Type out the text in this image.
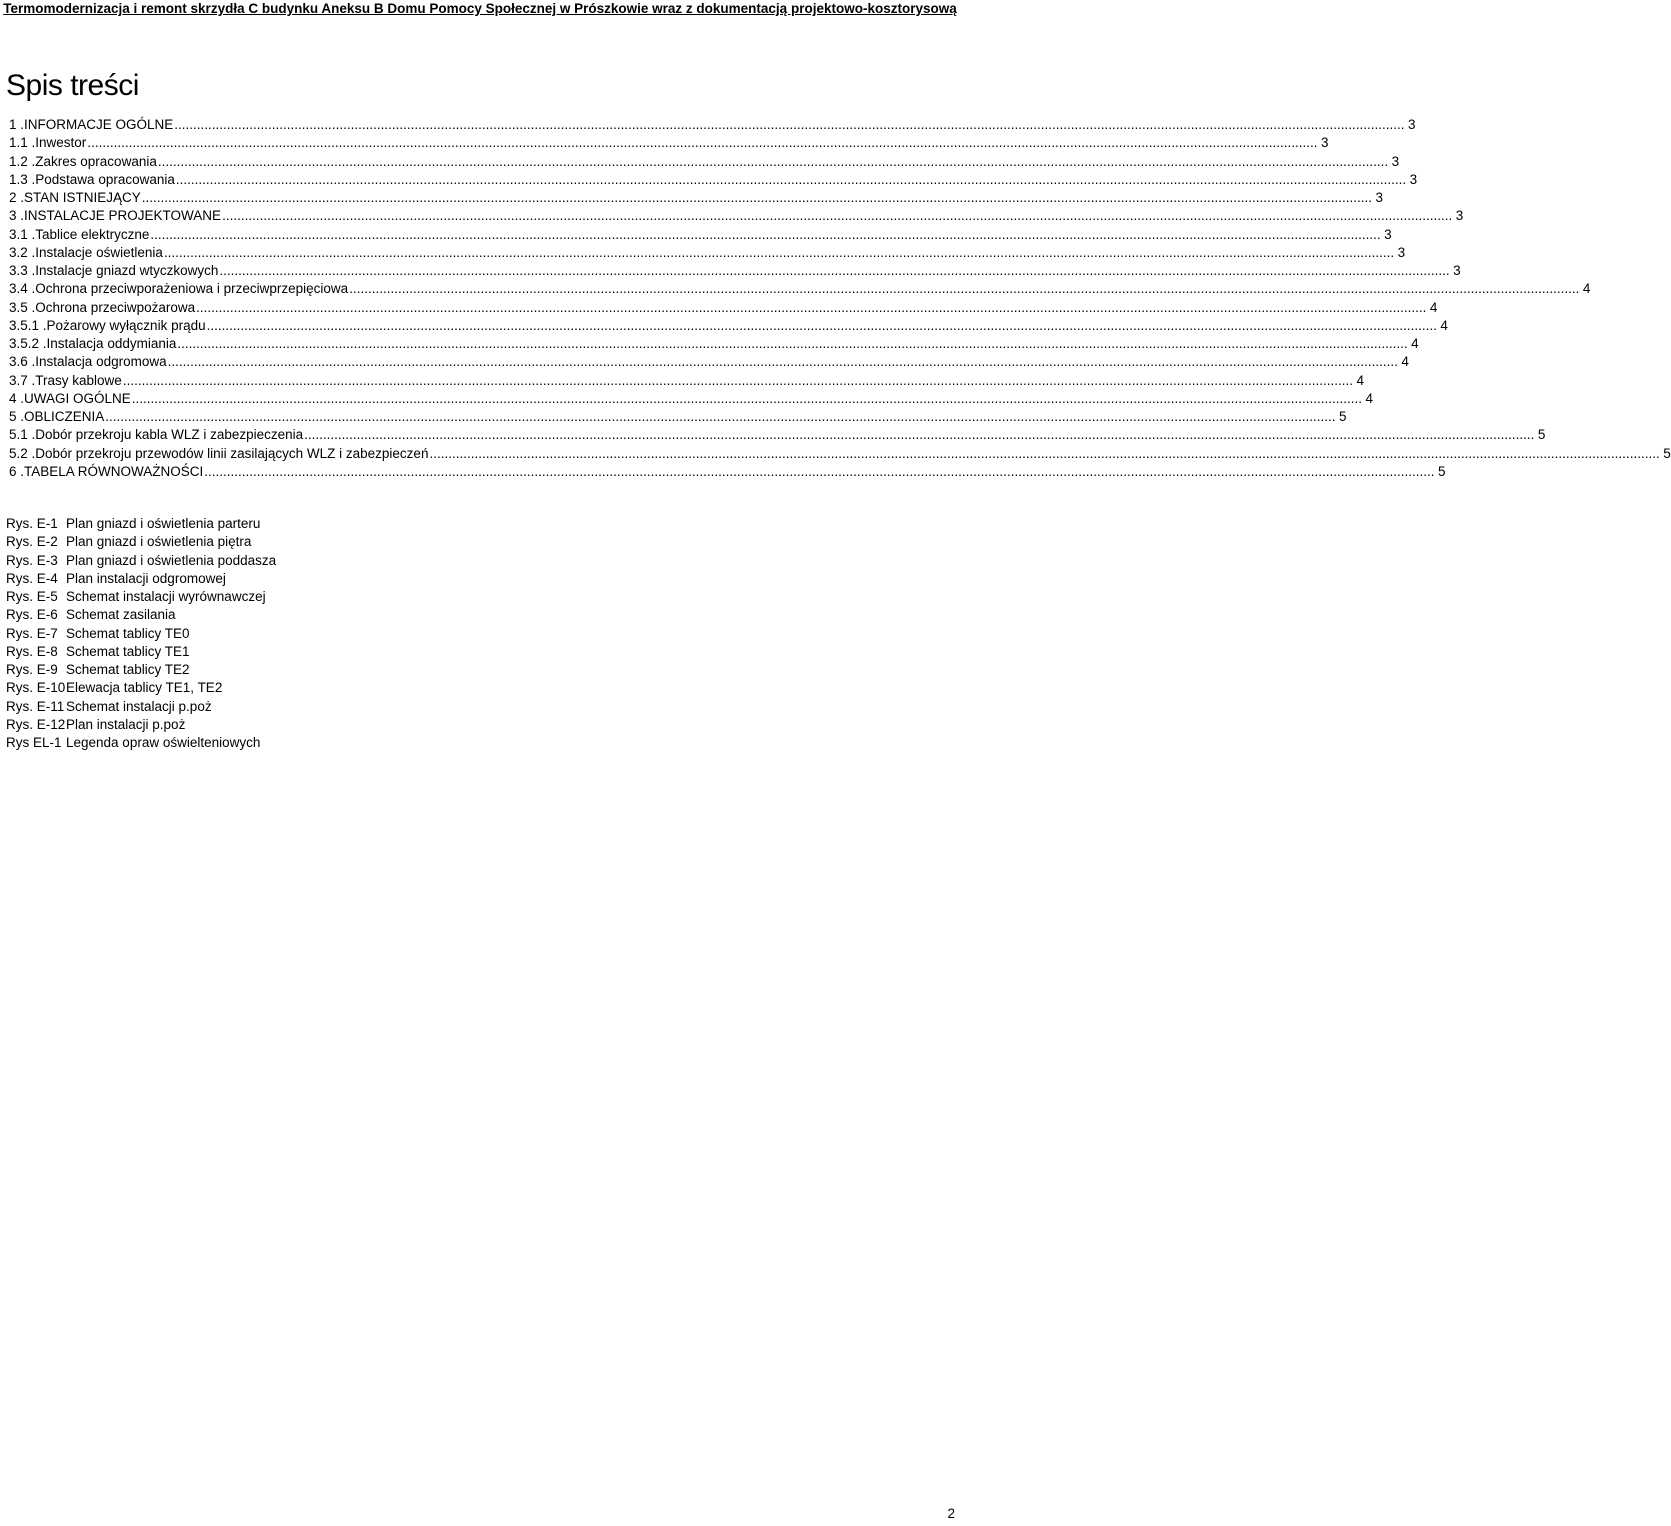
Termomodernizacja i remont skrzydła C budynku Aneksu B Domu Pomocy Społecznej w Prószkowie wraz z dokumentacją projektowo-kosztorysową
Spis treści
1 . INFORMACJE OGÓLNE .....	3
1.1 . Inwestor .....	3
1.2 . Zakres opracowania .....	3
1.3 . Podstawa opracowania .....	3
2 . STAN ISTNIEJĄCY .....	3
3 . INSTALACJE PROJEKTOWANE .....	3
3.1 . Tablice elektryczne .....	3
3.2 . Instalacje oświetlenia .....	3
3.3 . Instalacje gniazd wtyczkowych .....	3
3.4 . Ochrona przeciwporażeniowa i przeciwprzepięciowa .....	4
3.5 . Ochrona przeciwpożarowa .....	4
3.5.1 . Pożarowy wyłącznik prądu .....	4
3.5.2 . Instalacja oddymiania .....	4
3.6 . Instalacja odgromowa .....	4
3.7 . Trasy kablowe .....	4
4 . UWAGI OGÓLNE .....	4
5 . OBLICZENIA .....	5
5.1 . Dobór przekroju kabla WLZ i zabezpieczenia .....	5
5.2 . Dobór przekroju przewodów linii zasilających WLZ i zabezpieczeń .....	5
6 . TABELA RÓWNOWAŻNOŚCI .....	5
Rys. E-1 Plan gniazd i oświetlenia parteru
Rys. E-2 Plan gniazd i oświetlenia piętra
Rys. E-3 Plan gniazd i oświetlenia poddasza
Rys. E-4 Plan instalacji odgromowej
Rys. E-5 Schemat instalacji wyrównawczej
Rys. E-6 Schemat zasilania
Rys. E-7 Schemat tablicy TE0
Rys. E-8 Schemat tablicy TE1
Rys. E-9 Schemat tablicy TE2
Rys. E-10 Elewacja tablicy TE1, TE2
Rys. E-11 Schemat instalacji p.poż
Rys. E-12 Plan instalacji p.poż
Rys EL-1 Legenda opraw oświelteniowych
2
